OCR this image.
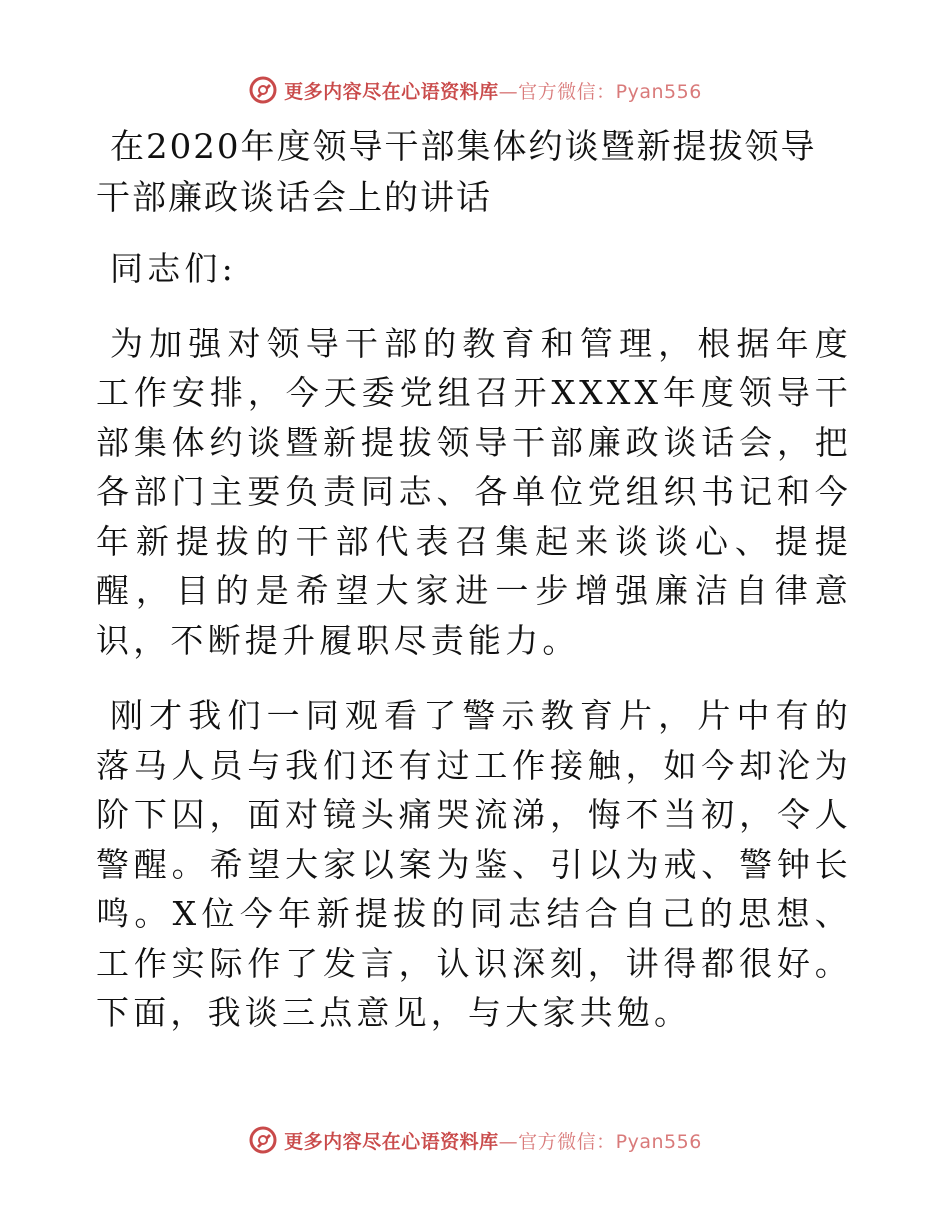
更多内容尽在心语资料库 —官方微信：Pyan556
在2020年度领导干部集体约谈暨新提拔领导干部廉政谈话会上的讲话

同志们:

为加强对领导干部的教育和管理，根据年度工作安排，今天委党组召开XXXX年度领导干部集体约谈暨新提拔领导干部廉政谈话会，把各部门主要负责同志、各单位党组织书记和今年新提拔的干部代表召集起来谈谈心、提提醒，目的是希望大家进一步增强廉洁自律意识，不断提升履职尽责能力。

刚才我们一同观看了警示教育片，片中有的落马人员与我们还有过工作接触，如今却沦为阶下囚，面对镜头痛哭流涕，悔不当初，令人警醒。希望大家以案为鉴、引以为戒、警钟长鸣。X位今年新提拔的同志结合自己的思想、工作实际作了发言，认识深刻，讲得都很好。下面，我谈三点意见，与大家共勉。

更多内容尽在心语资料库 —官方微信：Pyan556
